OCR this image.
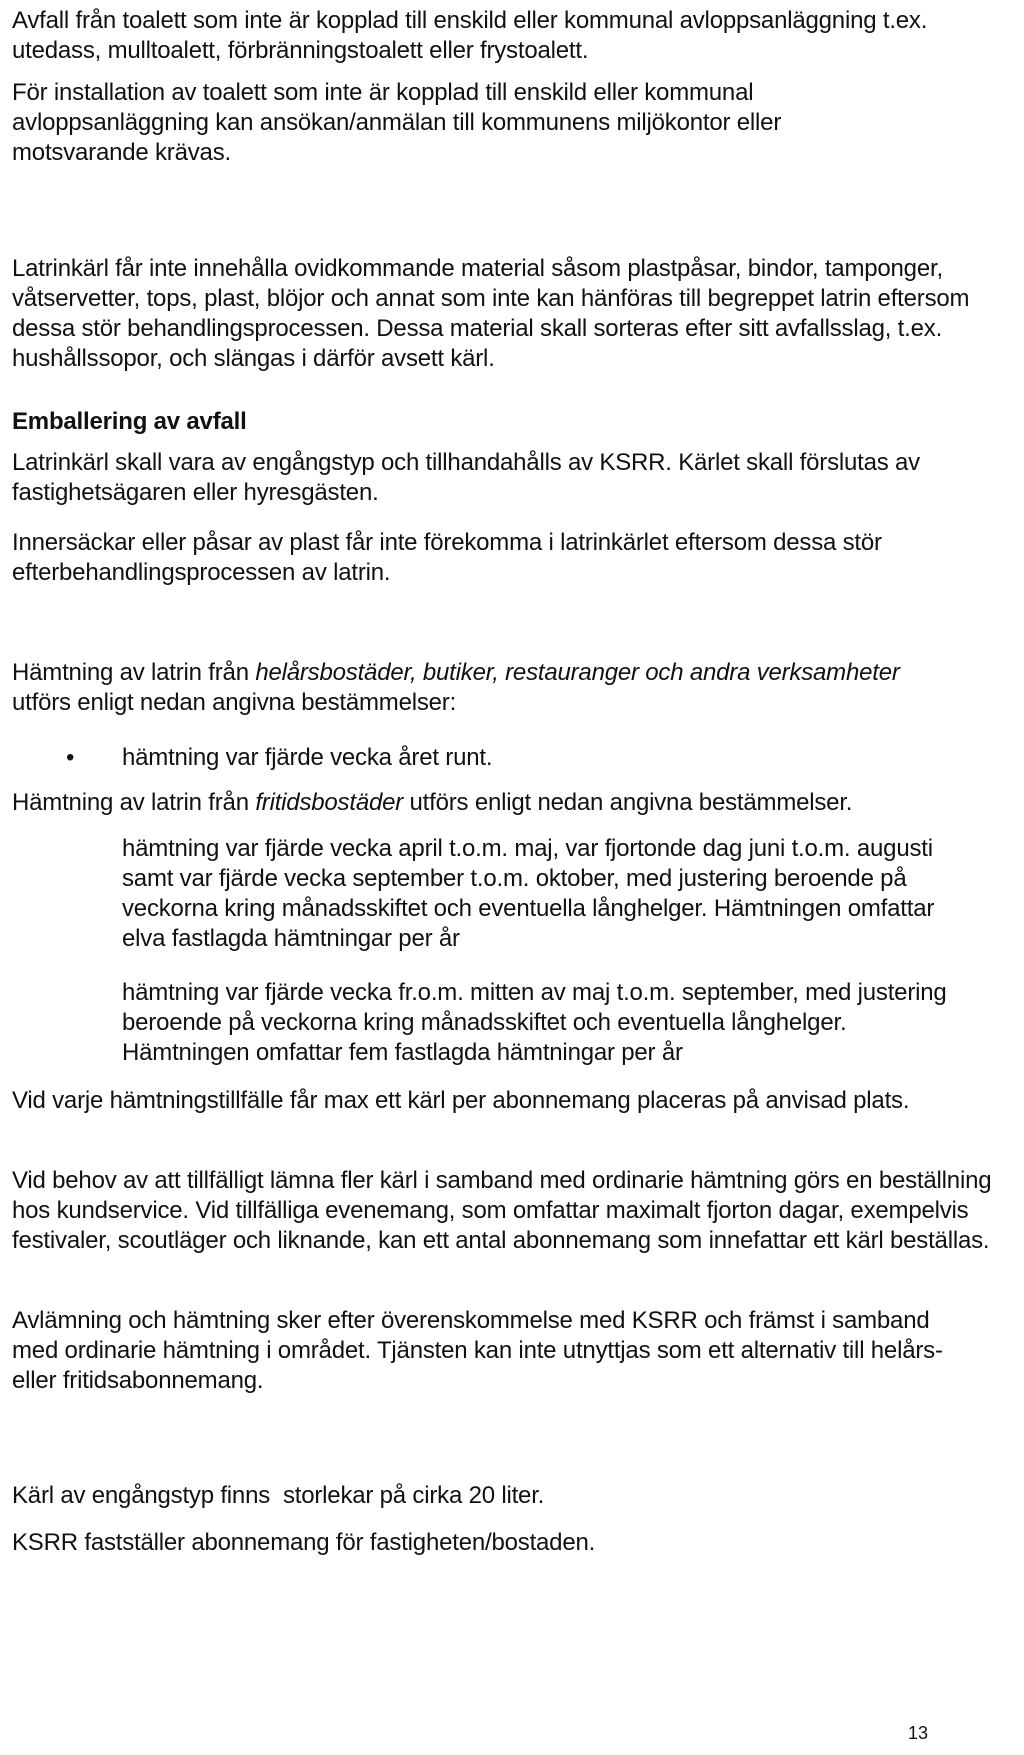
Avfall från toalett som inte är kopplad till enskild eller kommunal avloppsanläggning t.ex. utedass, mulltoalett, förbränningstoalett eller frystoalett.

För installation av toalett som inte är kopplad till enskild eller kommunal avloppsanläggning kan ansökan/anmälan till kommunens miljökontor eller motsvarande krävas.

Latrinkärl får inte innehålla ovidkommande material såsom plastpåsar, bindor, tamponger, våtservetter, tops, plast, blöjor och annat som inte kan hänföras till begreppet latrin eftersom dessa stör behandlingsprocessen. Dessa material skall sorteras efter sitt avfallsslag, t.ex. hushållssopor, och slängas i därför avsett kärl.

Emballering av avfall

Latrinkärl skall vara av engångstyp och tillhandahålls av KSRR. Kärlet skall förslutas av fastighetsägaren eller hyresgästen.

Innersäckar eller påsar av plast får inte förekomma i latrinkärlet eftersom dessa stör efterbehandlingsprocessen av latrin.

Hämtning av latrin från helårsbostäder, butiker, restauranger och andra verksamheter utförs enligt nedan angivna bestämmelser:

• hämtning var fjärde vecka året runt.

Hämtning av latrin från fritidsbostäder utförs enligt nedan angivna bestämmelser.

hämtning var fjärde vecka april t.o.m. maj, var fjortonde dag juni t.o.m. augusti samt var fjärde vecka september t.o.m. oktober, med justering beroende på veckorna kring månadsskiftet och eventuella långhelger. Hämtningen omfattar elva fastlagda hämtningar per år

hämtning var fjärde vecka fr.o.m. mitten av maj t.o.m. september, med justering beroende på veckorna kring månadsskiftet och eventuella långhelger. Hämtningen omfattar fem fastlagda hämtningar per år

Vid varje hämtningstillfälle får max ett kärl per abonnemang placeras på anvisad plats.

Vid behov av att tillfälligt lämna fler kärl i samband med ordinarie hämtning görs en beställning hos kundservice. Vid tillfälliga evenemang, som omfattar maximalt fjorton dagar, exempelvis festivaler, scoutläger och liknande, kan ett antal abonnemang som innefattar ett kärl beställas.

Avlämning och hämtning sker efter överenskommelse med KSRR och främst i samband med ordinarie hämtning i området. Tjänsten kan inte utnyttjas som ett alternativ till helårs- eller fritidsabonnemang.

Kärl av engångstyp finns  storlekar på cirka 20 liter.

KSRR fastställer abonnemang för fastigheten/bostaden.

13
